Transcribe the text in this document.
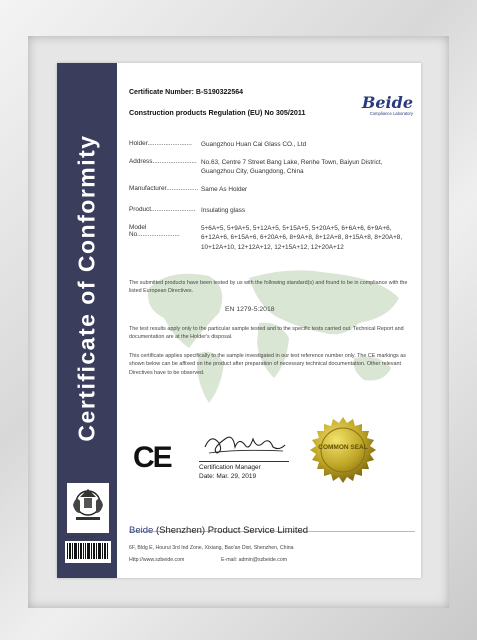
Certificate of Conformity
Company No. 0713604
Certificate Number: B-S190322564
Construction products Regulation (EU) No 305/2011
Beide
Compliance Laboratory
Holder.........................	Guangzhou Huan Cai Glass CO., Ltd
Address......................... No.63, Centre 7 Street Bang Lake, Renhe Town, Baiyun District, Guangzhou City, Guangdong, China
Manufacturer.................. Same As Holder
Product......................... Insulating glass
Model No........................
5+6A+5, 5+9A+5, 5+12A+5, 5+15A+5, 5+20A+5, 6+6A+6, 6+9A+6, 6+12A+6, 6+15A+6, 6+20A+6, 8+9A+8, 8+12A+8, 8+15A+8, 8+20A+8, 10+12A+10, 12+12A+12, 12+15A+12, 12+20A+12
The submitted products have been tested by us with the following standard(s) and found to be in compliance with the listed European Directives.
EN 1279-5:2018
The test results apply only to the particular sample tested and to the specific tests carried out. Technical Report and documentation are at the Holder's disposal.
This certificate applies specifically to the sample investigated in our test reference number only. The CE markings as shown below can be affixed on the product after preparation of necessary technical documentation. Other relevant Directives have to be observed.
CE	Certification Manager
Date: Mar. 29, 2019
COMMON SEAL
Beide (Shenzhen) Product Service Limited
6F, Bldg E, Hourui 3rd Ind Zone, Xixiang, Bao'an Dist, Shenzhen, China
Http://www.szbeide.com	E-mail: admin@szbeide.com
